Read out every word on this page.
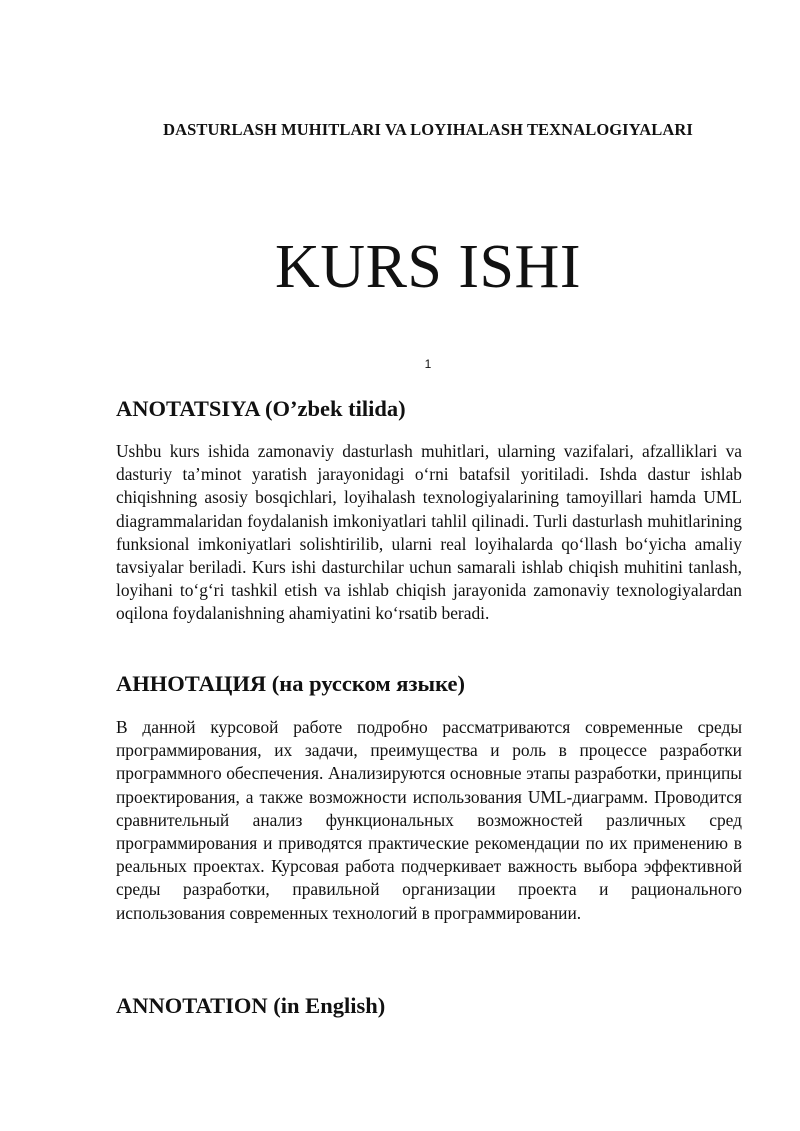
DASTURLASH MUHITLARI VA LOYIHALASH TEXNALOGIYALARI
KURS ISHI
1
ANOTATSIYA (O’zbek tilida)

Ushbu kurs ishida zamonaviy dasturlash muhitlari, ularning vazifalari, afzalliklari va dasturiy ta’minot yaratish jarayonidagi o‘rni batafsil yoritiladi. Ishda dastur ishlab chiqishning asosiy bosqichlari, loyihalash texnologiyalarining tamoyillari hamda UML diagrammalaridan foydalanish imkoniyatlari tahlil qilinadi. Turli dasturlash muhitlarining funksional imkoniyatlari solishtirilib, ularni real loyihalarda qo‘llash bo‘yicha amaliy tavsiyalar beriladi. Kurs ishi dasturchilar uchun samarali ishlab chiqish muhitini tanlash, loyihani to‘g‘ri tashkil etish va ishlab chiqish jarayonida zamonaviy texnologiyalardan oqilona foydalanishning ahamiyatini ko‘rsatib beradi.

АННОТАЦИЯ (на русском языке)

В данной курсовой работе подробно рассматриваются современные среды программирования, их задачи, преимущества и роль в процессе разработки программного обеспечения. Анализируются основные этапы разработки, принципы проектирования, а также возможности использования UML-диаграмм. Проводится сравнительный анализ функциональных возможностей различных сред программирования и приводятся практические рекомендации по их применению в реальных проектах. Курсовая работа подчеркивает важность выбора эффективной среды разработки, правильной организации проекта и рационального использования современных технологий в программировании.

ANNOTATION (in English)
